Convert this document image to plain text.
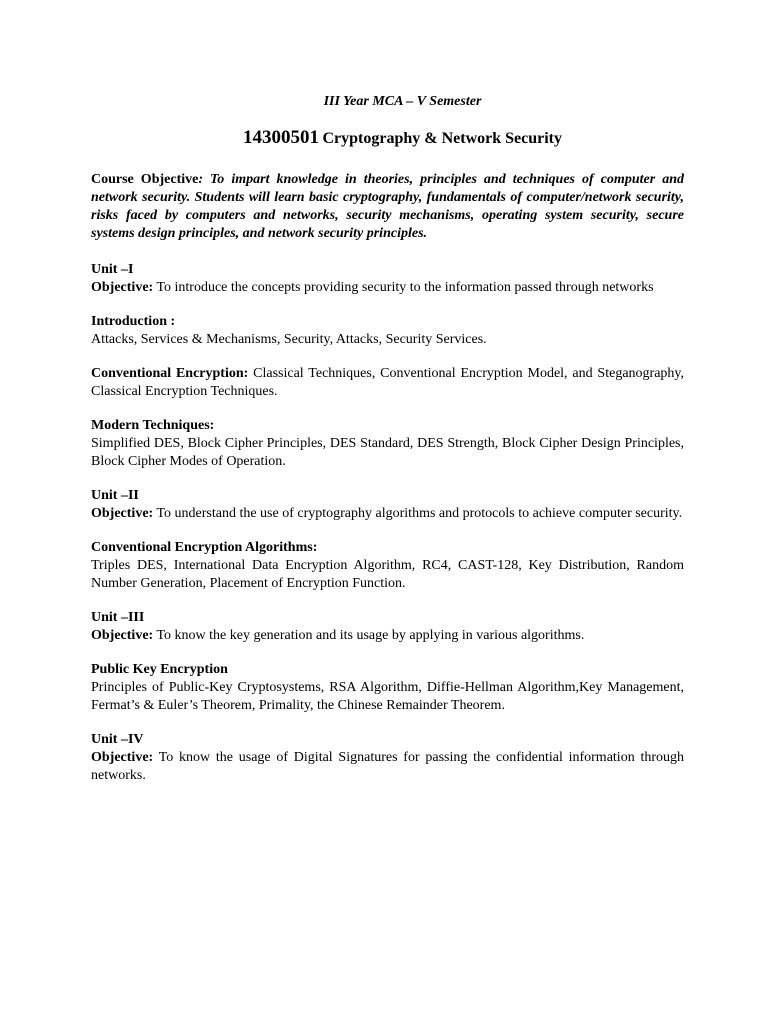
III Year MCA – V Semester
14300501 Cryptography & Network Security
Course Objective: To impart knowledge in theories, principles and techniques of computer and network security. Students will learn basic cryptography, fundamentals of computer/network security, risks faced by computers and networks, security mechanisms, operating system security, secure systems design principles, and network security principles.
Unit –I
Objective: To introduce the concepts providing security to the information passed through networks
Introduction :
Attacks, Services & Mechanisms, Security, Attacks, Security Services.
Conventional Encryption: Classical Techniques, Conventional Encryption Model, and Steganography, Classical Encryption Techniques.
Modern Techniques:
Simplified DES, Block Cipher Principles, DES Standard, DES Strength, Block Cipher Design Principles, Block Cipher Modes of Operation.
Unit –II
Objective: To understand the use of cryptography algorithms and protocols to achieve computer security.
Conventional Encryption Algorithms:
Triples DES, International Data Encryption Algorithm, RC4, CAST-128, Key Distribution, Random Number Generation, Placement of Encryption Function.
Unit –III
Objective: To know the key generation and its usage by applying in various algorithms.
Public Key Encryption
Principles of Public-Key Cryptosystems, RSA Algorithm, Diffie-Hellman Algorithm,Key Management, Fermat’s & Euler’s Theorem, Primality, the Chinese Remainder Theorem.
Unit –IV
Objective: To know the usage of Digital Signatures for passing the confidential information through networks.
